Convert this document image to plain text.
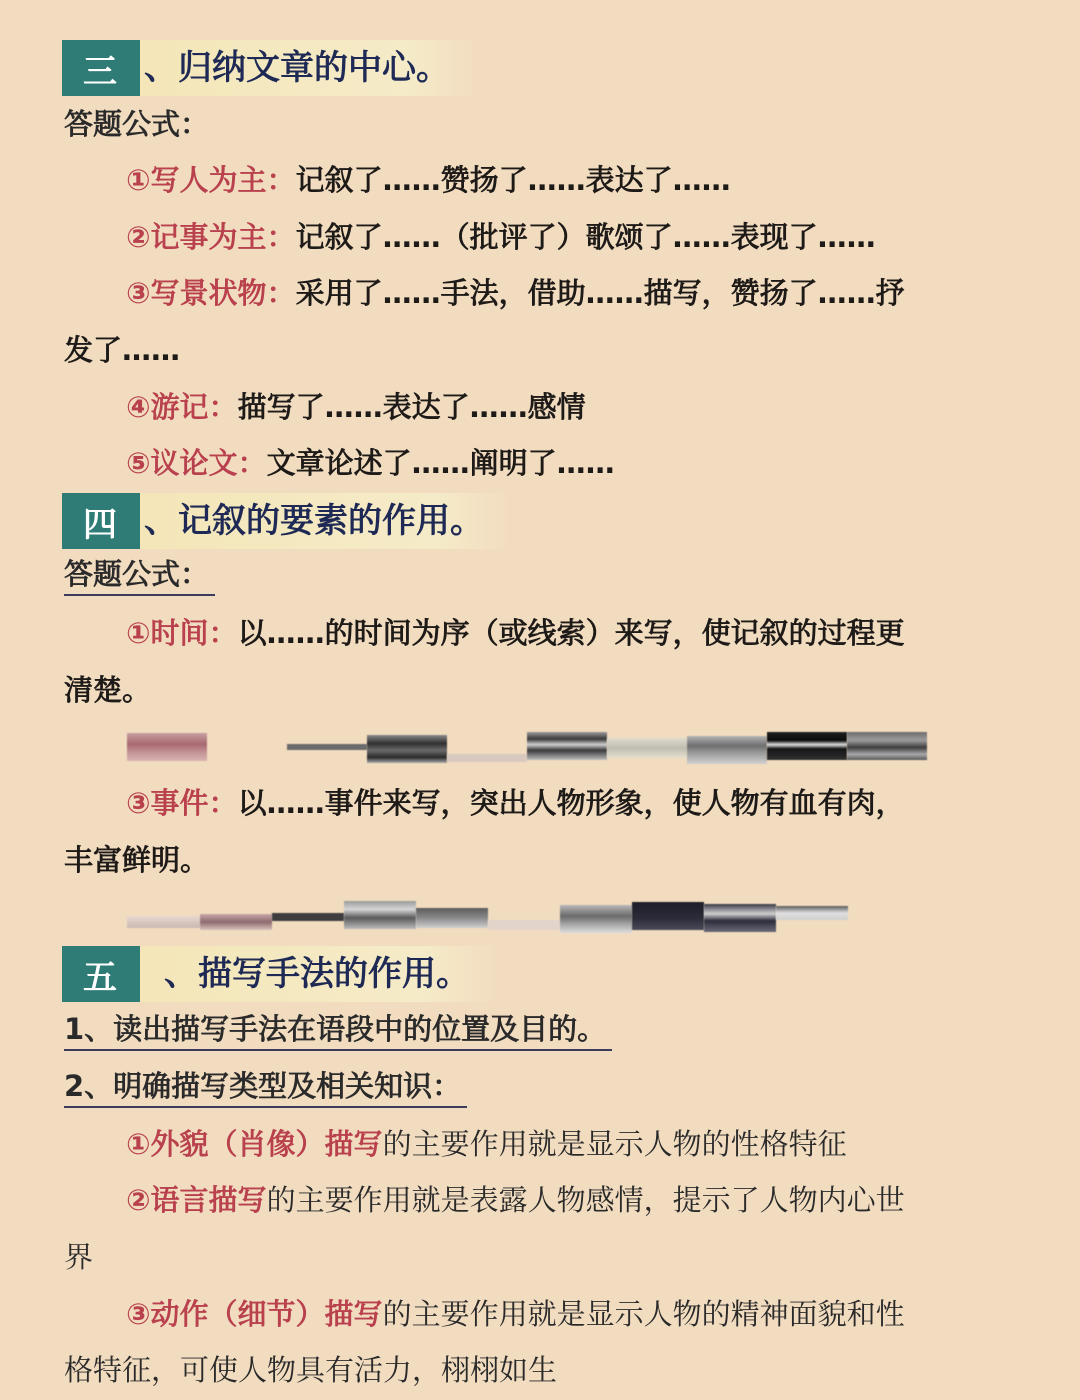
三 、归纳文章的中心。
答题公式：
①写人为主：记叙了……赞扬了……表达了……
②记事为主：记叙了……（批评了）歌颂了……表现了……
③写景状物：采用了……手法，借助……描写，赞扬了……抒
发了……
④游记：描写了……表达了……感情
⑤议论文：文章论述了……阐明了……
四 、记叙的要素的作用。
答题公式：
①时间：以……的时间为序（或线索）来写，使记叙的过程更
清楚。
③事件：以……事件来写，突出人物形象，使人物有血有肉，
丰富鲜明。
五	、描写手法的作用。
1、读出描写手法在语段中的位置及目的。
2、明确描写类型及相关知识：
①外貌（肖像）描写的主要作用就是显示人物的性格特征
②语言描写的主要作用就是表露人物感情，提示了人物内心世
界
③动作（细节）描写的主要作用就是显示人物的精神面貌和性
格特征，可使人物具有活力，栩栩如生
